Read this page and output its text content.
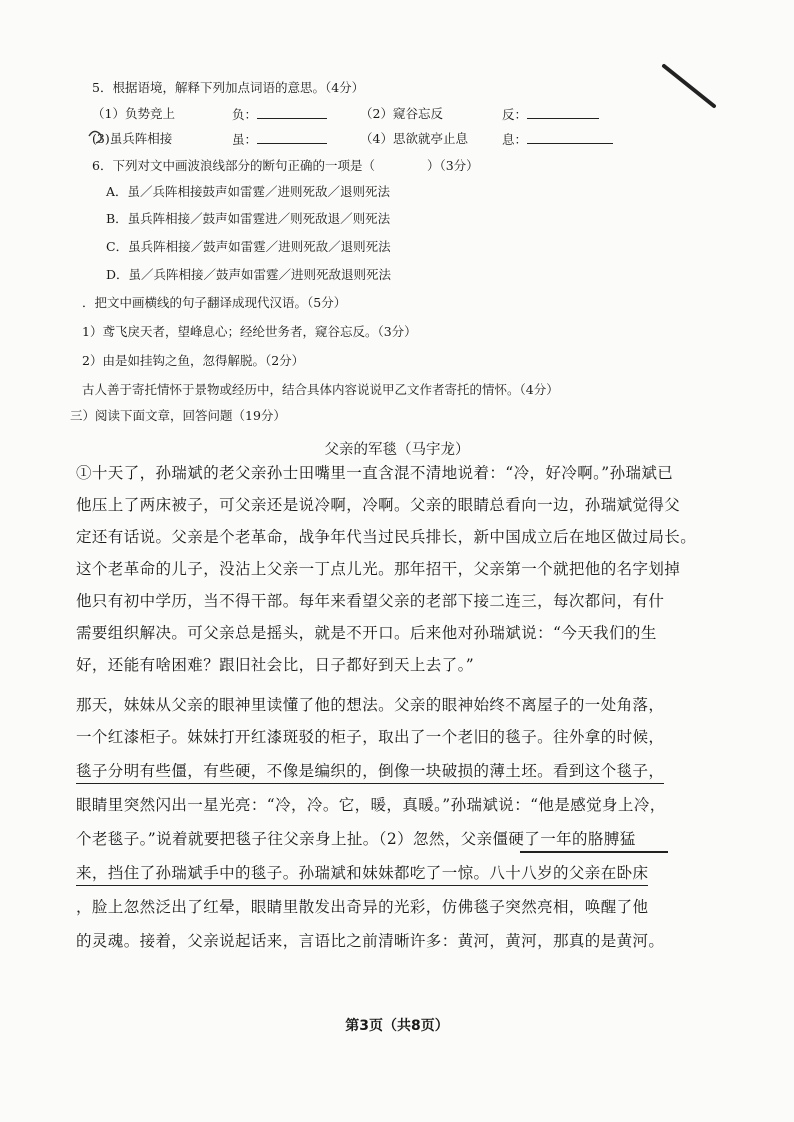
5．根据语境，解释下列加点词语的意思。（4分）
（1）负势竞上	负：	（2）窥谷忘反	反：
(3)虽兵阵相接	虽：	（4）思欲就亭止息	息：
6．下列对文中画波浪线部分的断句正确的一项是（	）（3分）
A．虽／兵阵相接鼓声如雷霆／进则死敌／退则死法
B．虽兵阵相接／鼓声如雷霆进／则死敌退／则死法
C．虽兵阵相接／鼓声如雷霆／进则死敌／退则死法
D．虽／兵阵相接／鼓声如雷霆／进则死敌退则死法
．把文中画横线的句子翻译成现代汉语。（5分）
1）鸢飞戾天者，望峰息心；经纶世务者，窥谷忘反。（3分）
2）由是如挂钩之鱼，忽得解脱。（2分）
古人善于寄托情怀于景物或经历中，结合具体内容说说甲乙文作者寄托的情怀。（4分）
三）阅读下面文章，回答问题（19分）
父亲的军毯（马宇龙）
①十天了，孙瑞斌的老父亲孙士田嘴里一直含混不清地说着：“冷，好冷啊。”孙瑞斌已
他压上了两床被子，可父亲还是说冷啊，冷啊。父亲的眼睛总看向一边，孙瑞斌觉得父
定还有话说。父亲是个老革命，战争年代当过民兵排长，新中国成立后在地区做过局长。
这个老革命的儿子，没沾上父亲一丁点儿光。那年招干，父亲第一个就把他的名字划掉
他只有初中学历，当不得干部。每年来看望父亲的老部下接二连三，每次都问，有什
需要组织解决。可父亲总是摇头，就是不开口。后来他对孙瑞斌说：“今天我们的生
好，还能有啥困难？跟旧社会比，日子都好到天上去了。”
那天，妹妹从父亲的眼神里读懂了他的想法。父亲的眼神始终不离屋子的一处角落，
一个红漆柜子。妹妹打开红漆斑驳的柜子，取出了一个老旧的毯子。往外拿的时候，
毯子分明有些僵，有些硬，不像是编织的，倒像一块破损的薄土坯。看到这个毯子，
眼睛里突然闪出一星光亮：“冷，冷。它，暖，真暖。”孙瑞斌说：“他是感觉身上冷，
个老毯子。”说着就要把毯子往父亲身上扯。（2）忽然，父亲僵硬了一年的胳膊猛
来，挡住了孙瑞斌手中的毯子。孙瑞斌和妹妹都吃了一惊。八十八岁的父亲在卧床
，脸上忽然泛出了红晕，眼睛里散发出奇异的光彩，仿佛毯子突然亮相，唤醒了他
的灵魂。接着，父亲说起话来，言语比之前清晰许多：黄河，黄河，那真的是黄河。
第3页（共8页）
